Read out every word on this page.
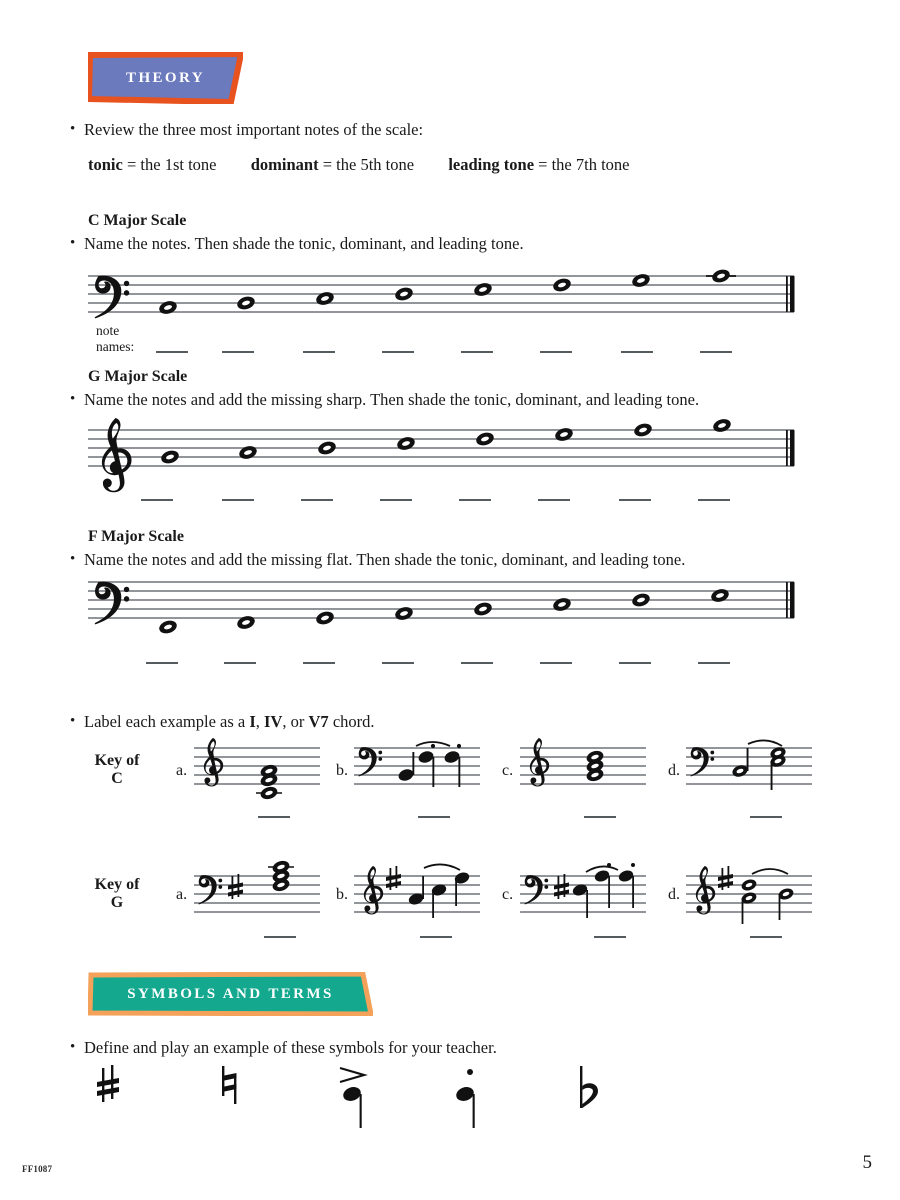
THEORY
• Review the three most important notes of the scale:
tonic = the 1st tone dominant = the 5th tone leading tone = the 7th tone
C Major Scale
• Name the notes. Then shade the tonic, dominant, and leading tone.
note
names:
G Major Scale
• Name the notes and add the missing sharp. Then shade the tonic, dominant, and leading tone.
F Major Scale
• Name the notes and add the missing flat. Then shade the tonic, dominant, and leading tone.
• Label each example as a I, IV, or V7 chord.
Key of
C	a.	b.	c.	d.
Key of
G	a.	b.	c.	d.
SYMBOLS AND TERMS
• Define and play an example of these symbols for your teacher.
FF1087	5
